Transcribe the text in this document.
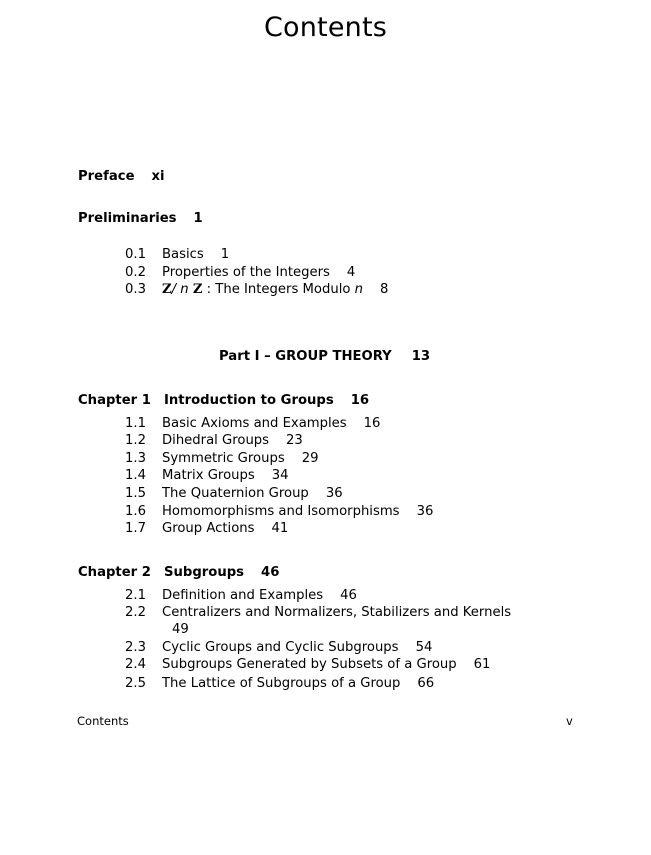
Contents
Preface xi
Preliminaries 1
0.1 Basics 1
0.2 Properties of the Integers 4
0.3 Z/ n Z : The Integers Modulo n 8
Part I – GROUP THEORY 13
Chapter 1 Introduction to Groups 16
1.1 Basic Axioms and Examples 16
1.2 Dihedral Groups 23
1.3 Symmetric Groups 29
1.4 Matrix Groups 34
1.5 The Quaternion Group 36
1.6 Homomorphisms and Isomorphisms 36
1.7 Group Actions 41
Chapter 2 Subgroups 46
2.1 Definition and Examples 46
2.2 Centralizers and Normalizers, Stabilizers and Kernels
49
2.3 Cyclic Groups and Cyclic Subgroups 54
2.4 Subgroups Generated by Subsets of a Group 61
2.5 The Lattice of Subgroups of a Group 66
Contents	v
